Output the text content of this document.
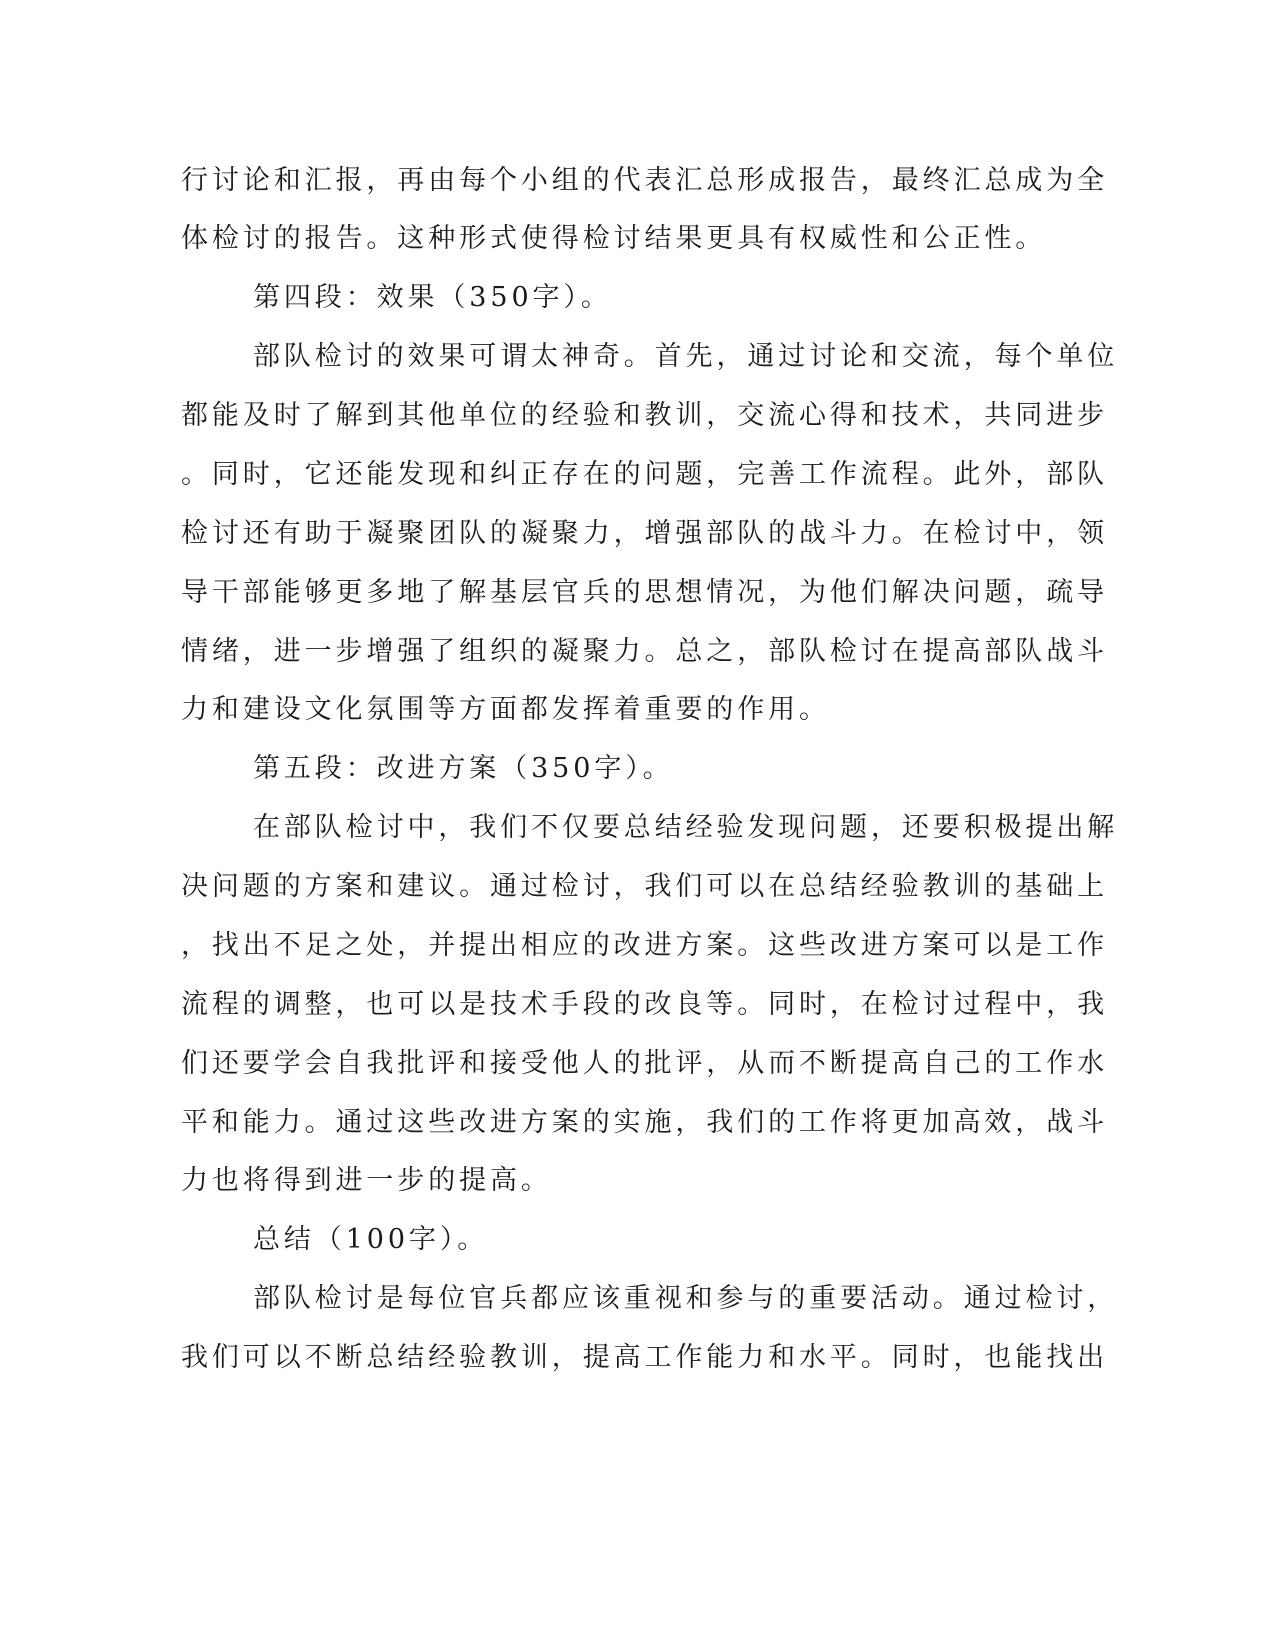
行讨论和汇报，再由每个小组的代表汇总形成报告，最终汇总成为全
体检讨的报告。这种形式使得检讨结果更具有权威性和公正性。
第四段：效果（350字）。
部队检讨的效果可谓太神奇。首先，通过讨论和交流，每个单位
都能及时了解到其他单位的经验和教训，交流心得和技术，共同进步
。同时，它还能发现和纠正存在的问题，完善工作流程。此外，部队
检讨还有助于凝聚团队的凝聚力，增强部队的战斗力。在检讨中，领
导干部能够更多地了解基层官兵的思想情况，为他们解决问题，疏导
情绪，进一步增强了组织的凝聚力。总之，部队检讨在提高部队战斗
力和建设文化氛围等方面都发挥着重要的作用。
第五段：改进方案（350字）。
在部队检讨中，我们不仅要总结经验发现问题，还要积极提出解
决问题的方案和建议。通过检讨，我们可以在总结经验教训的基础上
，找出不足之处，并提出相应的改进方案。这些改进方案可以是工作
流程的调整，也可以是技术手段的改良等。同时，在检讨过程中，我
们还要学会自我批评和接受他人的批评，从而不断提高自己的工作水
平和能力。通过这些改进方案的实施，我们的工作将更加高效，战斗
力也将得到进一步的提高。
总结（100字）。
部队检讨是每位官兵都应该重视和参与的重要活动。通过检讨，
我们可以不断总结经验教训，提高工作能力和水平。同时，也能找出
